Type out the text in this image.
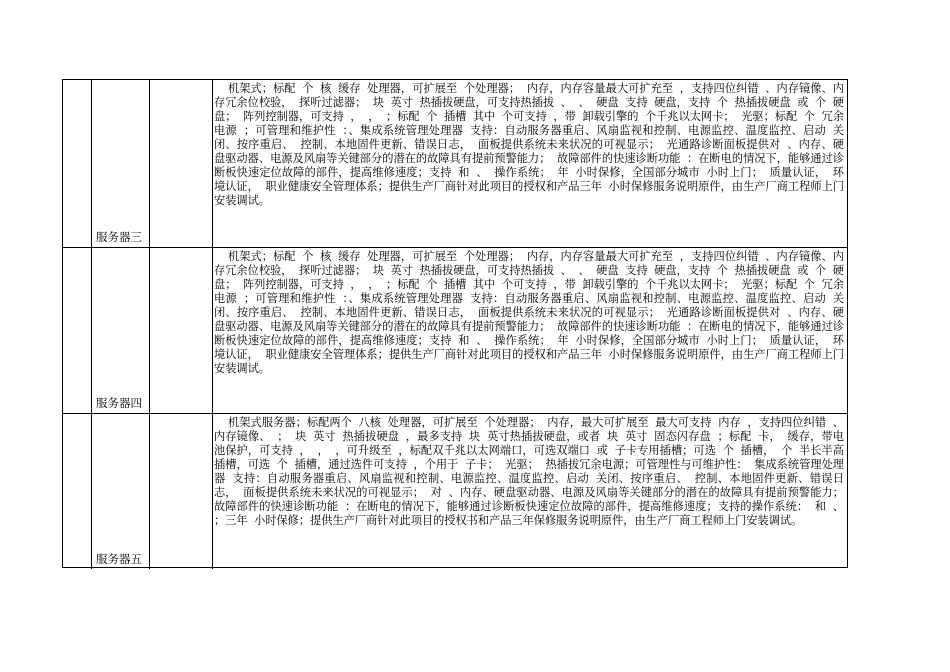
服务器三
机架式；标配 个 核 缓存 处理器，可扩展至 个处理器； 内存，内存容量最大可扩充至 ，支持四位纠错 、内存镜像、内存冗余位校验， 探听过滤器； 块 英寸 热插拔硬盘，可支持热插拔 、 、 硬盘 支持 硬盘，支持 个 热插拔硬盘 或 个 硬盘； 阵列控制器，可支持 ， ， ；标配 个 插槽 其中 个可支持 ，带 卸载引擎的 个千兆以太网卡； 光驱；标配 个 冗余电源 ；可管理和维护性 ：、集成系统管理处理器 支持：自动服务器重启、风扇监视和控制、电源监控、温度监控、启动 关闭、按序重启、 控制、本地固件更新、错误日志， 面板提供系统未来状况的可视显示； 光通路诊断面板提供对 、内存、硬盘驱动器、电源及风扇等关键部分的潜在的故障具有提前预警能力； 故障部件的快速诊断功能 ：在断电的情况下，能够通过诊断板快速定位故障的部件，提高维修速度；支持 和 、 操作系统； 年 小时保修，全国部分城市 小时上门； 质量认证， 环境认证， 职业健康安全管理体系；提供生产厂商针对此项目的授权和产品三年 小时保修服务说明原件，由生产厂商工程师上门安装调试。
服务器四
机架式；标配 个 核 缓存 处理器，可扩展至 个处理器； 内存，内存容量最大可扩充至 ，支持四位纠错 、内存镜像、内存冗余位校验， 探听过滤器； 块 英寸 热插拔硬盘，可支持热插拔 、 、 硬盘 支持 硬盘，支持 个 热插拔硬盘 或 个 硬盘； 阵列控制器，可支持 ， ， ；标配 个 插槽 其中 个可支持 ，带 卸载引擎的 个千兆以太网卡； 光驱；标配 个 冗余电源 ；可管理和维护性 ：、集成系统管理处理器 支持：自动服务器重启、风扇监视和控制、电源监控、温度监控、启动 关闭、按序重启、 控制、本地固件更新、错误日志， 面板提供系统未来状况的可视显示； 光通路诊断面板提供对 、内存、硬盘驱动器、电源及风扇等关键部分的潜在的故障具有提前预警能力； 故障部件的快速诊断功能 ：在断电的情况下，能够通过诊断板快速定位故障的部件，提高维修速度；支持 和 、 操作系统； 年 小时保修，全国部分城市 小时上门； 质量认证， 环境认证， 职业健康安全管理体系；提供生产厂商针对此项目的授权和产品三年 小时保修服务说明原件，由生产厂商工程师上门安装调试。
服务器五
机架式服务器；标配两个 八核 处理器，可扩展至 个处理器； 内存，最大可扩展至 最大可支持 内存 ，支持四位纠错 、内存镜像、 ； 块 英寸 热插拔硬盘 ，最多支持 块 英寸热插拔硬盘，或者 块 英寸 固态闪存盘 ；标配 卡， 缓存，带电池保护，可支持 ， ， ，可升级至 ，标配双千兆以太网端口，可选双端口 或 子卡专用插槽；可选 个 插槽， 个 半长半高 插槽，可选 个 插槽，通过选件可支持 ，个用于 子卡； 光驱； 热插拔冗余电源；可管理性与可维护性： 集成系统管理处理器 支持：自动服务器重启、风扇监视和控制、电源监控、温度监控、启动 关闭、按序重启、 控制、本地固件更新、错误日志， 面板提供系统未来状况的可视显示； 对 、内存、硬盘驱动器、电源及风扇等关键部分的潜在的故障具有提前预警能力； 故障部件的快速诊断功能 ：在断电的情况下，能够通过诊断板快速定位故障的部件，提高维修速度；支持的操作系统： 和 、 ；三年 小时保修；提供生产厂商针对此项目的授权书和产品三年保修服务说明原件，由生产厂商工程师上门安装调试。
